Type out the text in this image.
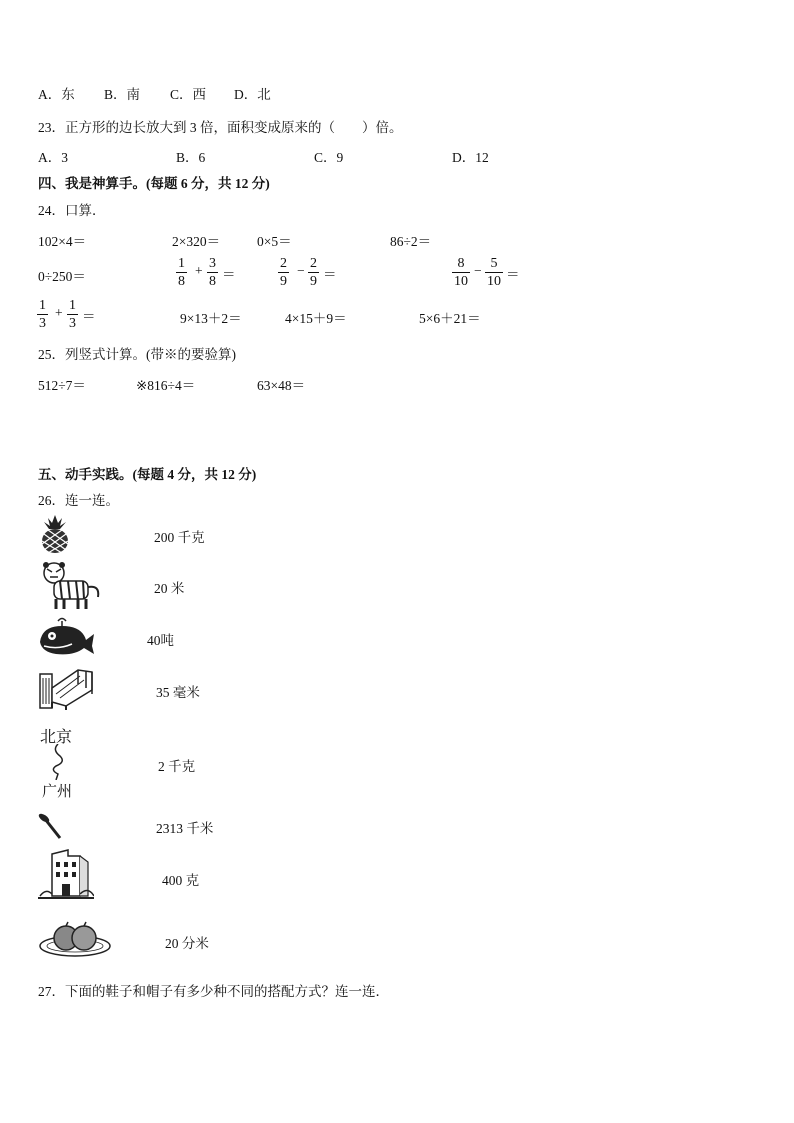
A．东 B．南 C．西 D．北
23．正方形的边长放大到 3 倍，面积变成原来的（　　）倍。
A．3	B．6	C．9	D．12
四、我是神算手。(每题 6 分，共 12 分)
24．口算．
102×4＝	2×320＝	0×5＝	86÷2＝
0÷250＝	$\frac{1}{8} + \frac{3}{8}$ ＝	$\frac{2}{9} - \frac{2}{9}$ ＝	$\frac{8}{10} - \frac{5}{10}$ ＝
$\frac{1}{3} + \frac{1}{3}$ ＝	9×13＋2＝	4×15＋9＝	5×6＋21＝
25．列竖式计算。(带※的要验算)
512÷7＝	※816÷4＝	63×48＝
五、动手实践。(每题 4 分，共 12 分)
26．连一连。
200 千克
20 米
40吨
35 毫米
北京
广州
2 千克
2313 千米
400 克
20 分米
27．下面的鞋子和帽子有多少种不同的搭配方式？连一连．
